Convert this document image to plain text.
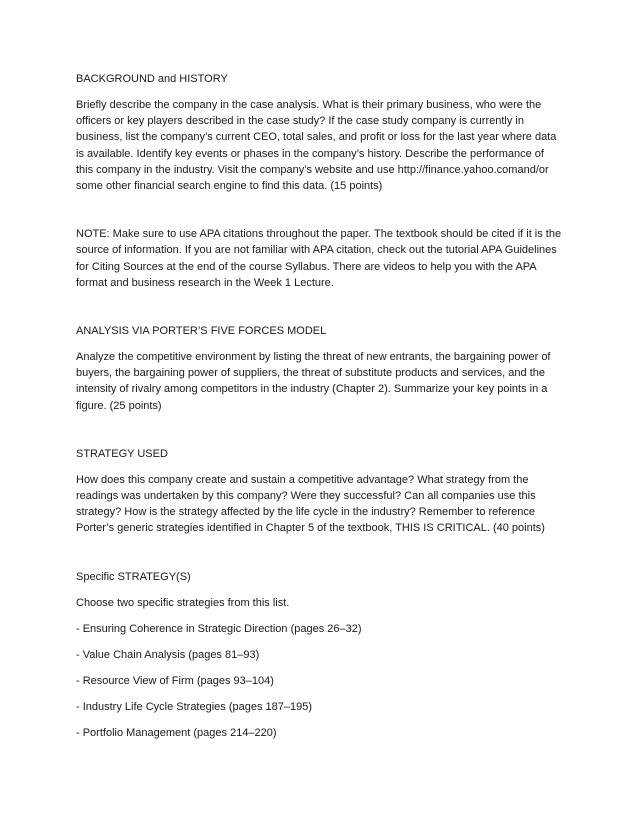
BACKGROUND and HISTORY

Briefly describe the company in the case analysis. What is their primary business, who were the officers or key players described in the case study? If the case study company is currently in business, list the company’s current CEO, total sales, and profit or loss for the last year where data is available. Identify key events or phases in the company’s history. Describe the performance of this company in the industry. Visit the company’s website and use http://finance.yahoo.comand/or some other financial search engine to find this data. (15 points)

NOTE: Make sure to use APA citations throughout the paper. The textbook should be cited if it is the source of information. If you are not familiar with APA citation, check out the tutorial APA Guidelines for Citing Sources at the end of the course Syllabus. There are videos to help you with the APA format and business research in the Week 1 Lecture.

ANALYSIS VIA PORTER’S FIVE FORCES MODEL

Analyze the competitive environment by listing the threat of new entrants, the bargaining power of buyers, the bargaining power of suppliers, the threat of substitute products and services, and the intensity of rivalry among competitors in the industry (Chapter 2). Summarize your key points in a figure. (25 points)

STRATEGY USED

How does this company create and sustain a competitive advantage? What strategy from the readings was undertaken by this company? Were they successful? Can all companies use this strategy? How is the strategy affected by the life cycle in the industry? Remember to reference Porter’s generic strategies identified in Chapter 5 of the textbook, THIS IS CRITICAL. (40 points)

Specific STRATEGY(S)

Choose two specific strategies from this list.

- Ensuring Coherence in Strategic Direction (pages 26–32)
- Value Chain Analysis (pages 81–93)
- Resource View of Firm (pages 93–104)
- Industry Life Cycle Strategies (pages 187–195)
- Portfolio Management (pages 214–220)
